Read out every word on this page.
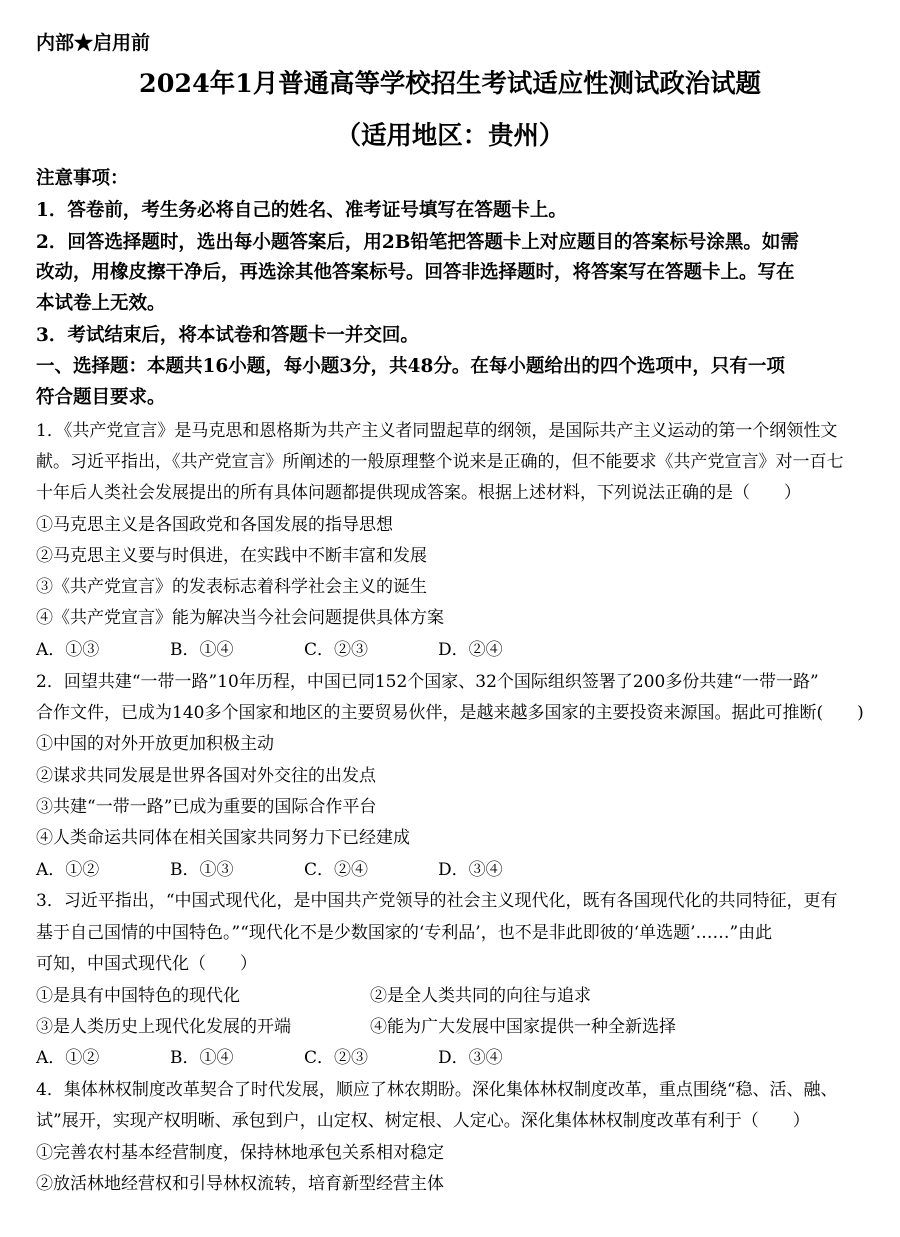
内部★启用前
2024年1月普通高等学校招生考试适应性测试政治试题
（适用地区：贵州）
注意事项：
1．答卷前，考生务必将自己的姓名、准考证号填写在答题卡上。
2．回答选择题时，选出每小题答案后，用2B铅笔把答题卡上对应题目的答案标号涂黑。如需
改动，用橡皮擦干净后，再选涂其他答案标号。回答非选择题时，将答案写在答题卡上。写在
本试卷上无效。
3．考试结束后，将本试卷和答题卡一并交回。
一、选择题：本题共16小题，每小题3分，共48分。在每小题给出的四个选项中，只有一项
符合题目要求。
1．《共产党宣言》是马克思和恩格斯为共产主义者同盟起草的纲领，是国际共产主义运动的第一个纲领性文
献。习近平指出，《共产党宣言》所阐述的一般原理整个说来是正确的，但不能要求《共产党宣言》对一百七
十年后人类社会发展提出的所有具体问题都提供现成答案。根据上述材料，下列说法正确的是（　　）
①马克思主义是各国政党和各国发展的指导思想
②马克思主义要与时俱进，在实践中不断丰富和发展
③《共产党宣言》的发表标志着科学社会主义的诞生
④《共产党宣言》能为解决当今社会问题提供具体方案
A．①③	B．①④	C．②③	D．②④
2．回望共建“一带一路”10年历程，中国已同152个国家、32个国际组织签署了200多份共建“一带一路”
合作文件，已成为140多个国家和地区的主要贸易伙伴，是越来越多国家的主要投资来源国。据此可推断(　　)
①中国的对外开放更加积极主动
②谋求共同发展是世界各国对外交往的出发点
③共建“一带一路”已成为重要的国际合作平台
④人类命运共同体在相关国家共同努力下已经建成
A．①②	B．①③	C．②④	D．③④
3．习近平指出，“中国式现代化，是中国共产党领导的社会主义现代化，既有各国现代化的共同特征，更有
基于自己国情的中国特色。”“现代化不是少数国家的‘专利品’，也不是非此即彼的‘单选题’……”由此
可知，中国式现代化（　　）
①是具有中国特色的现代化	②是全人类共同的向往与追求
③是人类历史上现代化发展的开端	④能为广大发展中国家提供一种全新选择
A．①②	B．①④	C．②③	D．③④
4．集体林权制度改革契合了时代发展，顺应了林农期盼。深化集体林权制度改革，重点围绕“稳、活、融、
试”展开，实现产权明晰、承包到户，山定权、树定根、人定心。深化集体林权制度改革有利于（　　）
①完善农村基本经营制度，保持林地承包关系相对稳定
②放活林地经营权和引导林权流转，培育新型经营主体
